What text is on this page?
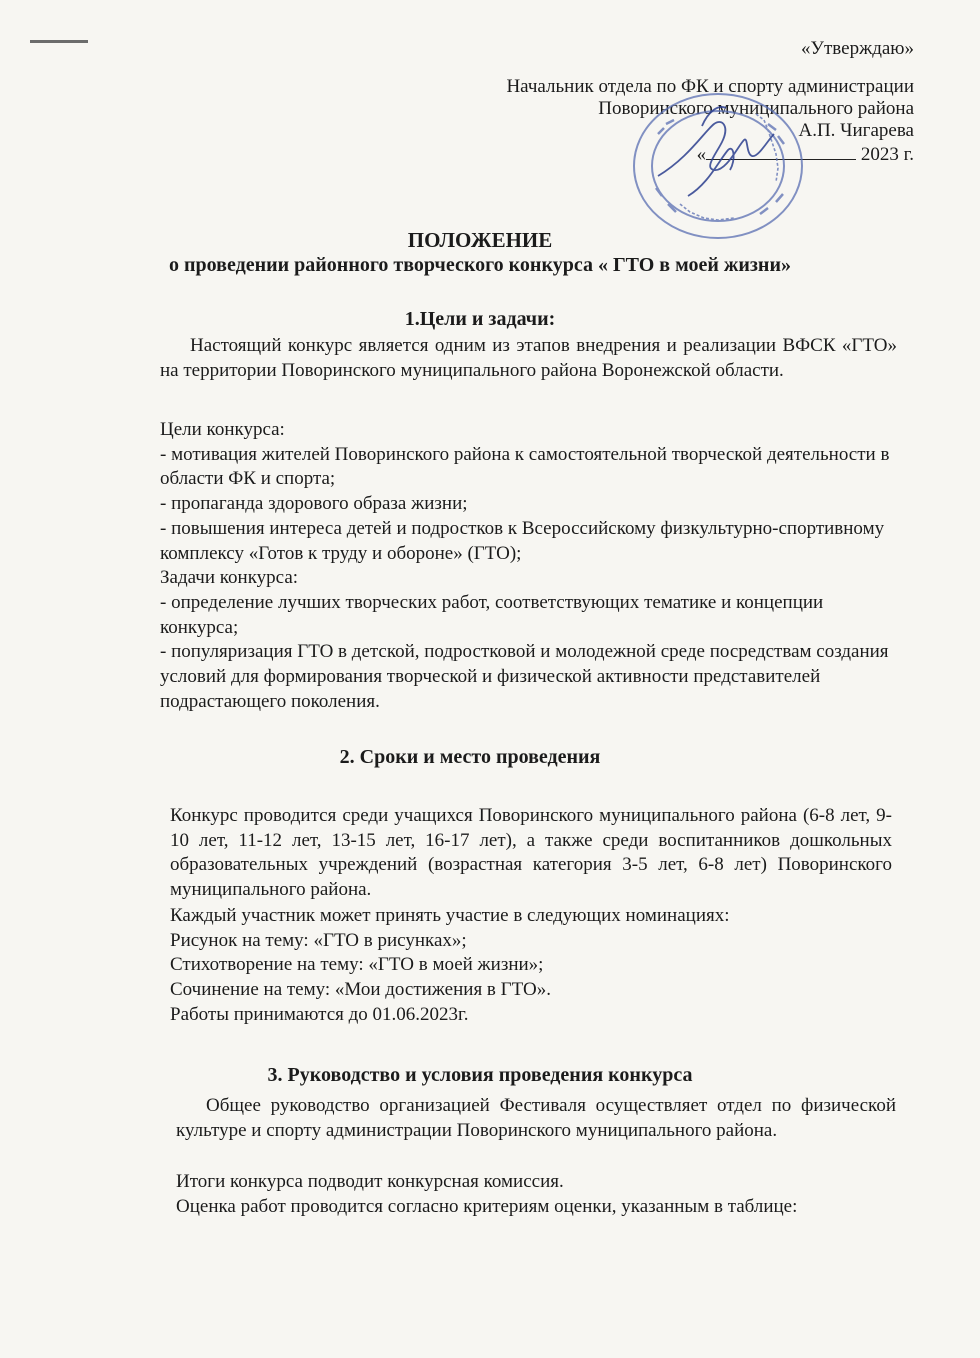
«Утверждаю»
Начальник отдела по ФК и спорту администрации
Поворинского муниципального района
А.П. Чигарева
«	2023 г.
ПОЛОЖЕНИЕ
о проведении районного творческого конкурса « ГТО в моей жизни»
1.Цели и задачи:

Настоящий конкурс является одним из этапов внедрения и реализации ВФСК «ГТО» на территории Поворинского муниципального района Воронежской области.

Цели конкурса:

- мотивация жителей Поворинского района к самостоятельной творческой деятельности в области ФК и спорта;

- пропаганда здорового образа жизни;

- повышения интереса детей и подростков к Всероссийскому физкультурно-спортивному комплексу «Готов к труду и обороне» (ГТО);

Задачи конкурса:

- определение лучших творческих работ, соответствующих тематике и концепции конкурса;

- популяризация ГТО в детской, подростковой и молодежной среде посредствам создания условий для формирования творческой и физической активности представителей подрастающего поколения.

2. Сроки и место проведения

Конкурс проводится среди учащихся Поворинского муниципального района (6-8 лет, 9-10 лет, 11-12 лет, 13-15 лет, 16-17 лет), а также среди воспитанников дошкольных образовательных учреждений (возрастная категория 3-5 лет, 6-8 лет) Поворинского муниципального района.

Каждый участник может принять участие в следующих номинациях:

Рисунок на тему: «ГТО в рисунках»;

Стихотворение на тему: «ГТО в моей жизни»;

Сочинение на тему: «Мои достижения в ГТО».

Работы принимаются до 01.06.2023г.

3. Руководство и условия проведения конкурса

Общее руководство организацией Фестиваля осуществляет отдел по физической культуре и спорту администрации Поворинского муниципального района.

Итоги конкурса подводит конкурсная комиссия.

Оценка работ проводится согласно критериям оценки, указанным в таблице:
